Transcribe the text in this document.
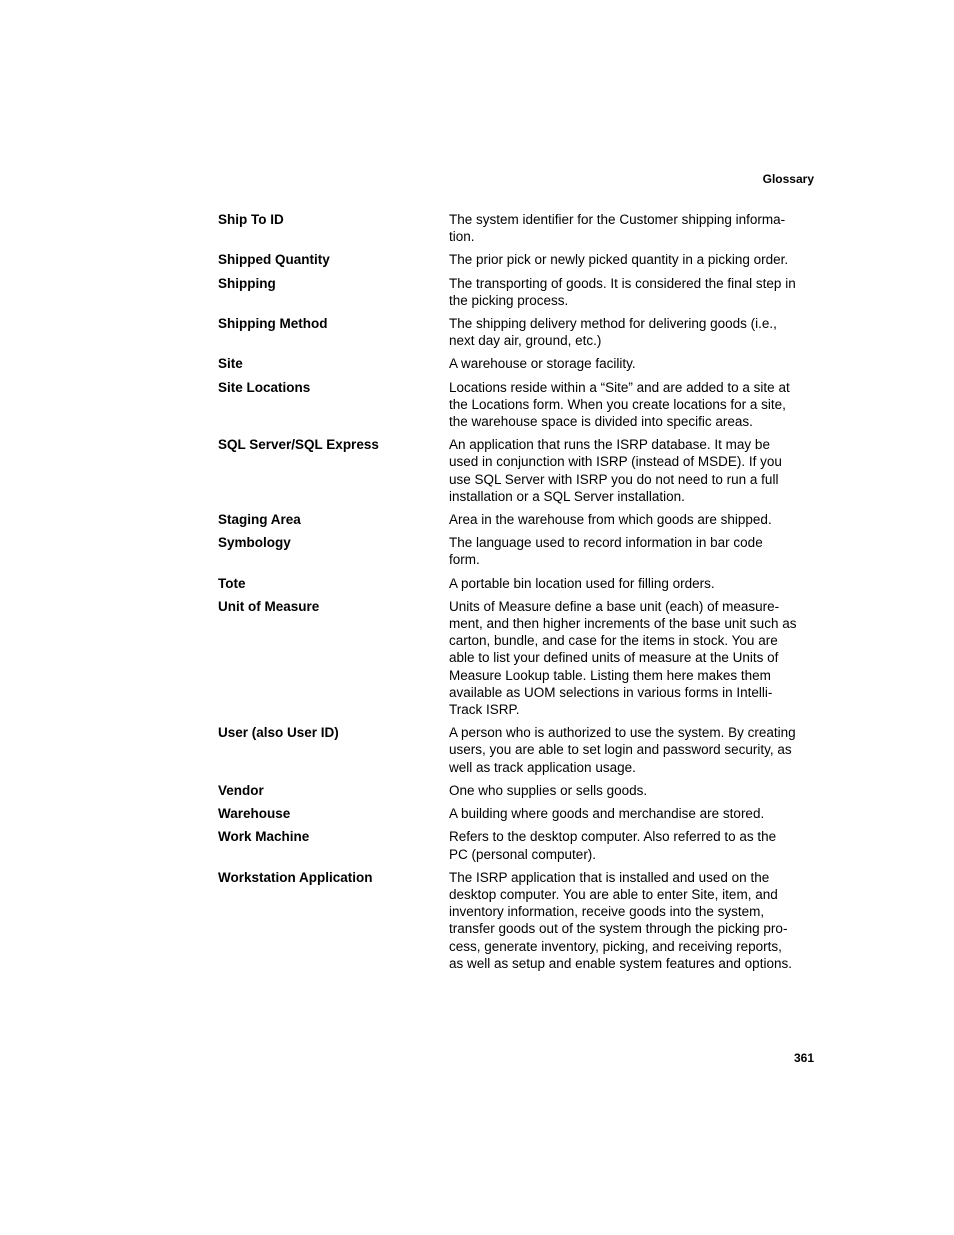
Glossary
Ship To ID	The system identifier for the Customer shipping informa-
tion.
Shipped Quantity	The prior pick or newly picked quantity in a picking order.
Shipping	The transporting of goods. It is considered the final step in
the picking process.
Shipping Method	The shipping delivery method for delivering goods (i.e.,
next day air, ground, etc.)
Site	A warehouse or storage facility.
Site Locations	Locations reside within a “Site” and are added to a site at
the Locations form. When you create locations for a site,
the warehouse space is divided into specific areas.
SQL Server/SQL Express	An application that runs the ISRP database. It may be
used in conjunction with ISRP (instead of MSDE). If you
use SQL Server with ISRP you do not need to run a full
installation or a SQL Server installation.
Staging Area	Area in the warehouse from which goods are shipped.
Symbology	The language used to record information in bar code
form.
Tote	A portable bin location used for filling orders.
Unit of Measure	Units of Measure define a base unit (each) of measure-
ment, and then higher increments of the base unit such as
carton, bundle, and case for the items in stock. You are
able to list your defined units of measure at the Units of
Measure Lookup table. Listing them here makes them
available as UOM selections in various forms in Intelli-
Track ISRP.
User (also User ID)	A person who is authorized to use the system. By creating
users, you are able to set login and password security, as
well as track application usage.
Vendor	One who supplies or sells goods.
Warehouse	A building where goods and merchandise are stored.
Work Machine	Refers to the desktop computer. Also referred to as the
PC (personal computer).
Workstation Application	The ISRP application that is installed and used on the
desktop computer. You are able to enter Site, item, and
inventory information, receive goods into the system,
transfer goods out of the system through the picking pro-
cess, generate inventory, picking, and receiving reports,
as well as setup and enable system features and options.
361
